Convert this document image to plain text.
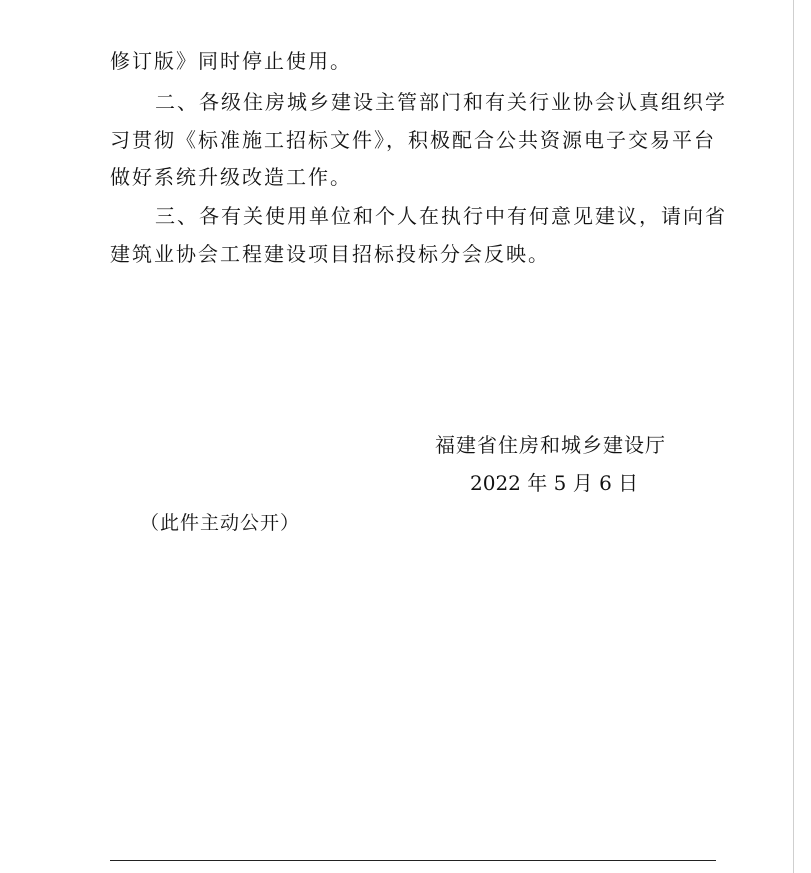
修订版》同时停止使用。
二、各级住房城乡建设主管部门和有关行业协会认真组织学
习贯彻《标准施工招标文件》，积极配合公共资源电子交易平台
做好系统升级改造工作。
三、各有关使用单位和个人在执行中有何意见建议，请向省
建筑业协会工程建设项目招标投标分会反映。
福建省住房和城乡建设厅
2022 年 5 月 6 日
（此件主动公开）
